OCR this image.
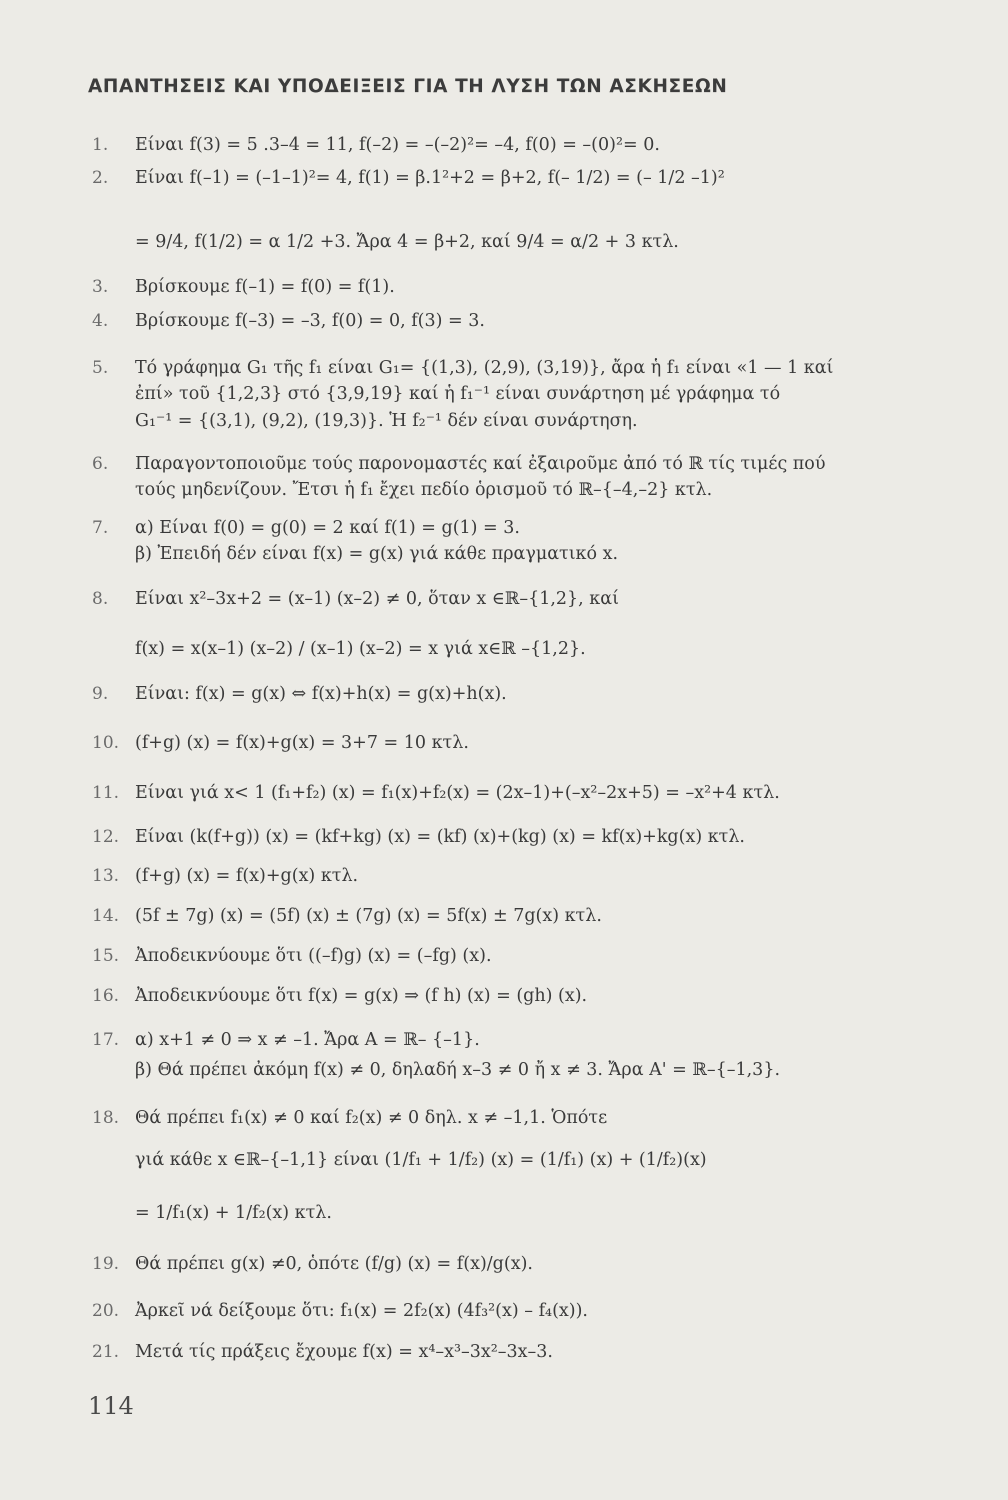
ΑΠΑΝΤΗΣΕΙΣ ΚΑΙ ΥΠΟΔΕΙΞΕΙΣ ΓΙΑ ΤΗ ΛΥΣΗ ΤΩΝ ΑΣΚΗΣΕΩΝ
1. Είναι f(3) = 5 .3–4 = 11, f(–2) = –(–2)²= –4, f(0) = –(0)²= 0.
2. Είναι f(–1) = (–1–1)²= 4, f(1) = β.1²+2 = β+2, f(– 1/2) = (– 1/2 –1)²
= 9/4, f(1/2) = α 1/2 +3. Ἄρα 4 = β+2, καί 9/4 = α/2 + 3 κτλ.
3. Βρίσκουμε f(–1) = f(0) = f(1).
4. Βρίσκουμε f(–3) = –3, f(0) = 0, f(3) = 3.
5. Τό γράφημα G₁ τῆς f₁ είναι G₁= {(1,3), (2,9), (3,19)}, ἄρα ἡ f₁ είναι «1 — 1 καί
ἐπί» τοῦ {1,2,3} στό {3,9,19} καί ἡ f₁⁻¹ είναι συνάρτηση μέ γράφημα τό
G₁⁻¹ = {(3,1), (9,2), (19,3)}. Ἡ f₂⁻¹ δέν είναι συνάρτηση.
6. Παραγοντοποιοῦμε τούς παρονομαστές καί ἐξαιροῦμε ἀπό τό ℝ τίς τιμές πού
τούς μηδενίζουν. Ἔτσι ἡ f₁ ἔχει πεδίο ὁρισμοῦ τό ℝ–{–4,–2} κτλ.
7. α) Είναι f(0) = g(0) = 2 καί f(1) = g(1) = 3.
β) Ἐπειδή δέν είναι f(x) = g(x) γιά κάθε πραγματικό x.
8. Είναι x²–3x+2 = (x–1) (x–2) ≠ 0, ὅταν x ∈ℝ–{1,2}, καί
f(x) = x(x–1) (x–2) / (x–1) (x–2) = x γιά x∈ℝ –{1,2}.
9. Είναι: f(x) = g(x) ⇔ f(x)+h(x) = g(x)+h(x).
10. (f+g) (x) = f(x)+g(x) = 3+7 = 10 κτλ.
11. Είναι γιά x< 1 (f₁+f₂) (x) = f₁(x)+f₂(x) = (2x–1)+(–x²–2x+5) = –x²+4 κτλ.
12. Είναι (k(f+g)) (x) = (kf+kg) (x) = (kf) (x)+(kg) (x) = kf(x)+kg(x) κτλ.
13. (f+g) (x) = f(x)+g(x) κτλ.
14. (5f ± 7g) (x) = (5f) (x) ± (7g) (x) = 5f(x) ± 7g(x) κτλ.
15. Ἀποδεικνύουμε ὅτι ((–f)g) (x) = (–fg) (x).
16. Ἀποδεικνύουμε ὅτι f(x) = g(x) ⇒ (f h) (x) = (gh) (x).
17. α) x+1 ≠ 0 ⇒ x ≠ –1. Ἄρα A = ℝ– {–1}.
β) Θά πρέπει ἀκόμη f(x) ≠ 0, δηλαδή x–3 ≠ 0 ἤ x ≠ 3. Ἄρα A' = ℝ–{–1,3}.
18. Θά πρέπει f₁(x) ≠ 0 καί f₂(x) ≠ 0 δηλ. x ≠ –1,1. Ὁπότε
γιά κάθε x ∈ℝ–{–1,1} είναι (1/f₁ + 1/f₂) (x) = (1/f₁) (x) + (1/f₂)(x)
= 1/f₁(x) + 1/f₂(x) κτλ.
19. Θά πρέπει g(x) ≠0, ὁπότε (f/g) (x) = f(x)/g(x).
20. Ἀρκεῖ νά δείξουμε ὅτι: f₁(x) = 2f₂(x) (4f₃²(x) – f₄(x)).
21. Μετά τίς πράξεις ἔχουμε f(x) = x⁴–x³–3x²–3x–3.
114
